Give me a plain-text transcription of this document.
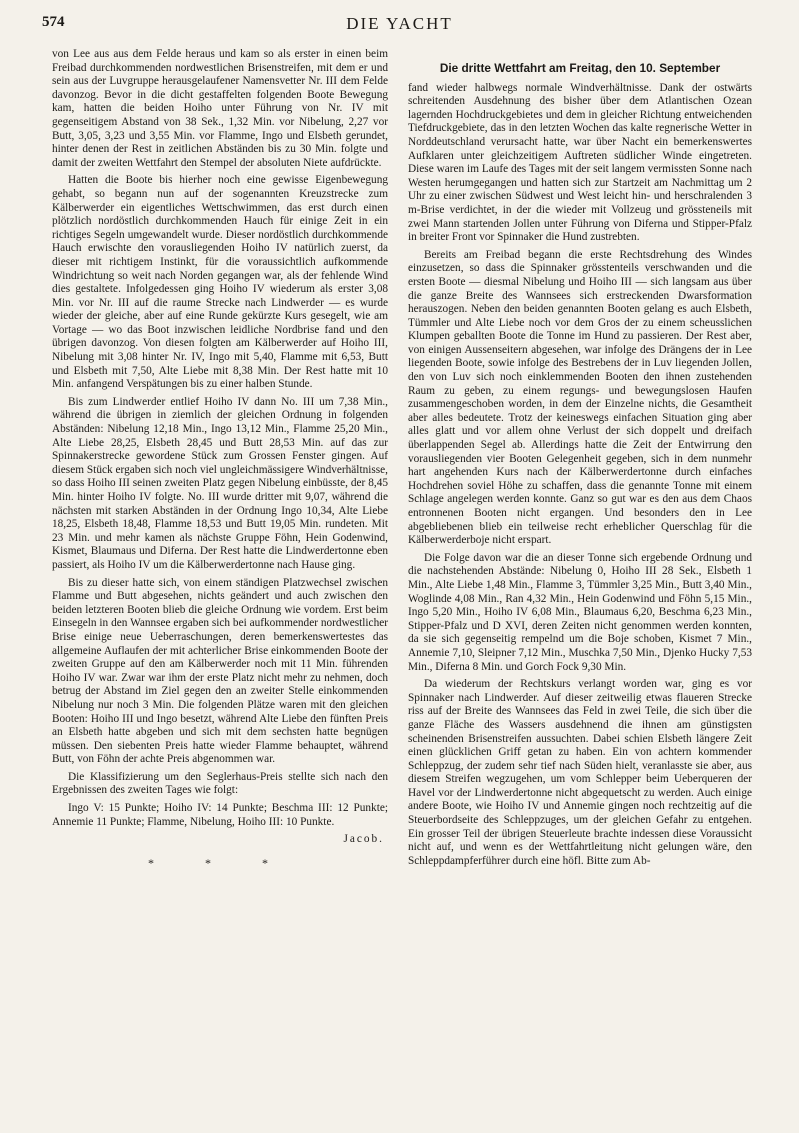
574	DIE YACHT

von Lee aus aus dem Felde heraus und kam so als erster in einen beim Freibad durchkommenden nordwestlichen Brisenstreifen, mit dem er und sein aus der Luvgruppe herausgelaufener Namensvetter Nr. III dem Felde davonzog. Bevor in die dicht gestaffelten folgenden Boote Bewegung kam, hatten die beiden Hoiho unter Führung von Nr. IV mit gegenseitigem Abstand von 38 Sek., 1,32 Min. vor Nibelung, 2,27 vor Butt, 3,05, 3,23 und 3,55 Min. vor Flamme, Ingo und Elsbeth gerundet, hinter denen der Rest in zeitlichen Abständen bis zu 30 Min. folgte und damit der zweiten Wettfahrt den Stempel der absoluten Niete aufdrückte.

Hatten die Boote bis hierher noch eine gewisse Eigenbewegung gehabt, so begann nun auf der sogenannten Kreuzstrecke zum Kälberwerder ein eigentliches Wettschwimmen, das erst durch einen plötzlich nordöstlich durchkommenden Hauch für einige Zeit in ein richtiges Segeln umgewandelt wurde. Dieser nordöstlich durchkommende Hauch erwischte den vorausliegenden Hoiho IV natürlich zuerst, da dieser mit richtigem Instinkt, für die voraussichtlich aufkommende Windrichtung so weit nach Norden gegangen war, als der fehlende Wind dies gestaltete. Infolgedessen ging Hoiho IV wiederum als erster 3,08 Min. vor Nr. III auf die raume Strecke nach Lindwerder — es wurde wieder der gleiche, aber auf eine Runde gekürzte Kurs gesegelt, wie am Vortage — wo das Boot inzwischen leidliche Nordbrise fand und den übrigen davonzog. Von diesen folgten am Kälberwerder auf Hoiho III, Nibelung mit 3,08 hinter Nr. IV, Ingo mit 5,40, Flamme mit 6,53, Butt und Elsbeth mit 7,50, Alte Liebe mit 8,38 Min. Der Rest hatte mit 10 Min. anfangend Verspätungen bis zu einer halben Stunde.

Bis zum Lindwerder entlief Hoiho IV dann No. III um 7,38 Min., während die übrigen in ziemlich der gleichen Ordnung in folgenden Abständen: Nibelung 12,18 Min., Ingo 13,12 Min., Flamme 25,20 Min., Alte Liebe 28,25, Elsbeth 28,45 und Butt 28,53 Min. auf das zur Spinnakerstrecke gewordene Stück zum Grossen Fenster gingen. Auf diesem Stück ergaben sich noch viel ungleichmässigere Windverhältnisse, so dass Hoiho III seinen zweiten Platz gegen Nibelung einbüsste, der 8,45 Min. hinter Hoiho IV folgte. No. III wurde dritter mit 9,07, während die nächsten mit starken Abständen in der Ordnung Ingo 10,34, Alte Liebe 18,25, Elsbeth 18,48, Flamme 18,53 und Butt 19,05 Min. rundeten. Mit 23 Min. und mehr kamen als nächste Gruppe Föhn, Hein Godenwind, Kismet, Blaumaus und Diferna. Der Rest hatte die Lindwerdertonne eben passiert, als Hoiho IV um die Kälberwerdertonne nach Hause ging.

Bis zu dieser hatte sich, von einem ständigen Platzwechsel zwischen Flamme und Butt abgesehen, nichts geändert und auch zwischen den beiden letzteren Booten blieb die gleiche Ordnung wie vordem. Erst beim Einsegeln in den Wannsee ergaben sich bei aufkommender nordwestlicher Brise einige neue Ueberraschungen, deren bemerkenswertestes das allgemeine Auflaufen der mit achterlicher Brise einkommenden Boote der zweiten Gruppe auf den am Kälberwerder noch mit 11 Min. führenden Hoiho IV war. Zwar war ihm der erste Platz nicht mehr zu nehmen, doch betrug der Abstand im Ziel gegen den an zweiter Stelle einkommenden Nibelung nur noch 3 Min. Die folgenden Plätze waren mit den gleichen Booten: Hoiho III und Ingo besetzt, während Alte Liebe den fünften Preis an Elsbeth hatte abgeben und sich mit dem sechsten hatte begnügen müssen. Den siebenten Preis hatte wieder Flamme behauptet, während Butt, von Föhn der achte Preis abgenommen war.

Die Klassifizierung um den Seglerhaus-Preis stellte sich nach den Ergebnissen des zweiten Tages wie folgt:

Ingo V: 15 Punkte; Hoiho IV: 14 Punkte; Beschma III: 12 Punkte; Annemie 11 Punkte; Flamme, Nibelung, Hoiho III: 10 Punkte.

Jacob.
* * *
Die dritte Wettfahrt am Freitag, den 10. September

fand wieder halbwegs normale Windverhältnisse. Dank der ostwärts schreitenden Ausdehnung des bisher über dem Atlantischen Ozean lagernden Hochdruckgebietes und dem in gleicher Richtung entweichenden Tiefdruckgebiete, das in den letzten Wochen das kalte regnerische Wetter in Norddeutschland verursacht hatte, war über Nacht ein bemerkenswertes Aufklaren unter gleichzeitigem Auftreten südlicher Winde eingetreten. Diese waren im Laufe des Tages mit der seit langem vermissten Sonne nach Westen herumgegangen und hatten sich zur Startzeit am Nachmittag um 2 Uhr zu einer zwischen Südwest und West leicht hin- und herschralenden 3 m-Brise verdichtet, in der die wieder mit Vollzeug und grössteneils mit zwei Mann startenden Jollen unter Führung von Diferna und Stipper-Pfalz in breiter Front vor Spinnaker die Hund zustrebten.

Bereits am Freibad begann die erste Rechtsdrehung des Windes einzusetzen, so dass die Spinnaker grösstenteils verschwanden und die ersten Boote — diesmal Nibelung und Hoiho III — sich langsam aus über die ganze Breite des Wannsees sich erstreckenden Dwarsformation herauszogen. Neben den beiden genannten Booten gelang es auch Elsbeth, Tümmler und Alte Liebe noch vor dem Gros der zu einem scheusslichen Klumpen geballten Boote die Tonne im Hund zu passieren. Der Rest aber, von einigen Aussenseitern abgesehen, war infolge des Drängens der in Lee liegenden Boote, sowie infolge des Bestrebens der in Luv liegenden Jollen, den von Luv sich noch einklemmenden Booten den ihnen zustehenden Raum zu geben, zu einem regungs- und bewegungslosen Haufen zusammengeschoben worden, in dem der Einzelne nichts, die Gesamtheit aber alles bedeutete. Trotz der keineswegs einfachen Situation ging aber alles glatt und vor allem ohne Verlust der sich doppelt und dreifach überlappenden Segel ab. Allerdings hatte die Zeit der Entwirrung den vorausliegenden vier Booten Gelegenheit gegeben, sich in dem nunmehr hart angehenden Kurs nach der Kälberwerdertonne durch einfaches Hochdrehen soviel Höhe zu schaffen, dass die genannte Tonne mit einem Schlage angelegen werden konnte. Ganz so gut war es den aus dem Chaos entronnenen Booten nicht ergangen. Und besonders den in Lee abgebliebenen blieb ein teilweise recht erheblicher Querschlag für die Kälberwerderboje nicht erspart.

Die Folge davon war die an dieser Tonne sich ergebende Ordnung und die nachstehenden Abstände: Nibelung 0, Hoiho III 28 Sek., Elsbeth 1 Min., Alte Liebe 1,48 Min., Flamme 3, Tümmler 3,25 Min., Butt 3,40 Min., Woglinde 4,08 Min., Ran 4,32 Min., Hein Godenwind und Föhn 5,15 Min., Ingo 5,20 Min., Hoiho IV 6,08 Min., Blaumaus 6,20, Beschma 6,23 Min., Stipper-Pfalz und D XVI, deren Zeiten nicht genommen werden konnten, da sie sich gegenseitig rempelnd um die Boje schoben, Kismet 7 Min., Annemie 7,10, Sleipner 7,12 Min., Muschka 7,50 Min., Djenko Hucky 7,53 Min., Diferna 8 Min. und Gorch Fock 9,30 Min.

Da wiederum der Rechtskurs verlangt worden war, ging es vor Spinnaker nach Lindwerder. Auf dieser zeitweilig etwas flaueren Strecke riss auf der Breite des Wannsees das Feld in zwei Teile, die sich über die ganze Fläche des Wassers ausdehnend die ihnen am günstigsten scheinenden Brisenstreifen aussuchten. Dabei schien Elsbeth längere Zeit einen glücklichen Griff getan zu haben. Ein von achtern kommender Schleppzug, der zudem sehr tief nach Süden hielt, veranlasste sie aber, aus diesem Streifen wegzugehen, um vom Schlepper beim Ueberqueren der Havel vor der Lindwerdertonne nicht abgequetscht zu werden. Auch einige andere Boote, wie Hoiho IV und Annemie gingen noch rechtzeitig auf die Steuerbordseite des Schleppzuges, um der gleichen Gefahr zu entgehen. Ein grosser Teil der übrigen Steuerleute brachte indessen diese Voraussicht nicht auf, und wenn es der Wettfahrtleitung nicht gelungen wäre, den Schleppdampferführer durch eine höfl. Bitte zum Ab-
